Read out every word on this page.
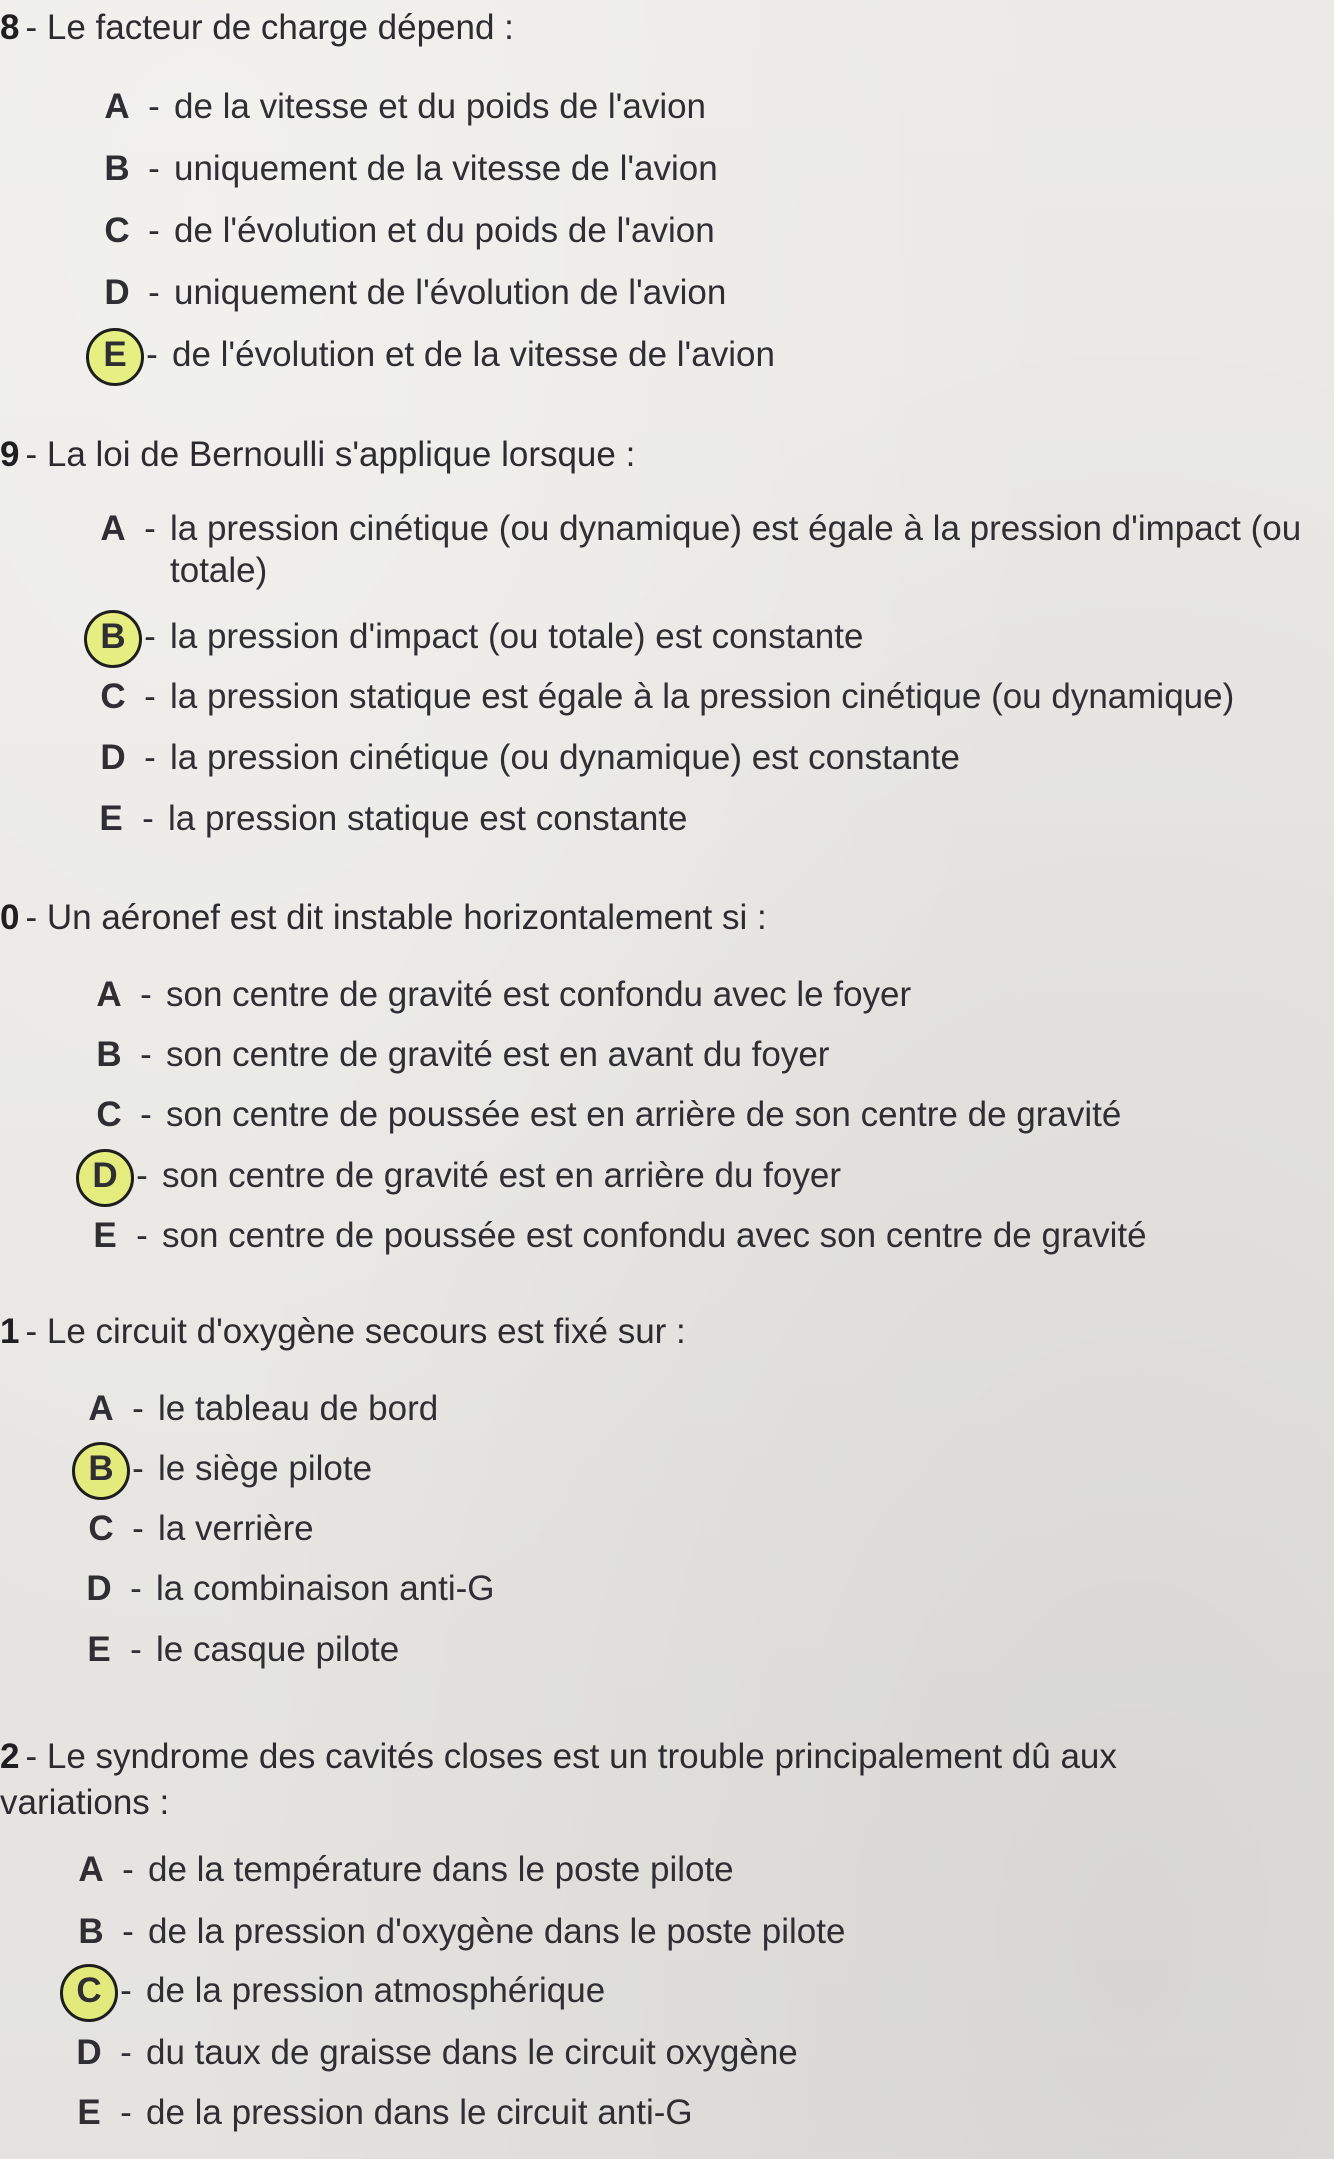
8 - Le facteur de charge dépend :
A - de la vitesse et du poids de l'avion
B - uniquement de la vitesse de l'avion
C - de l'évolution et du poids de l'avion
D - uniquement de l'évolution de l'avion
E - de l'évolution et de la vitesse de l'avion
9 - La loi de Bernoulli s'applique lorsque :
A - la pression cinétique (ou dynamique) est égale à la pression d'impact (ou totale)
B - la pression d'impact (ou totale) est constante
C - la pression statique est égale à la pression cinétique (ou dynamique)
D - la pression cinétique (ou dynamique) est constante
E - la pression statique est constante
0 - Un aéronef est dit instable horizontalement si :
A - son centre de gravité est confondu avec le foyer
B - son centre de gravité est en avant du foyer
C - son centre de poussée est en arrière de son centre de gravité
D - son centre de gravité est en arrière du foyer
E - son centre de poussée est confondu avec son centre de gravité
1 - Le circuit d'oxygène secours est fixé sur :
A - le tableau de bord
B - le siège pilote
C - la verrière
D - la combinaison anti-G
E - le casque pilote
2 - Le syndrome des cavités closes est un trouble principalement dû aux variations :
A - de la température dans le poste pilote
B - de la pression d'oxygène dans le poste pilote
C - de la pression atmosphérique
D - du taux de graisse dans le circuit oxygène
E - de la pression dans le circuit anti-G
